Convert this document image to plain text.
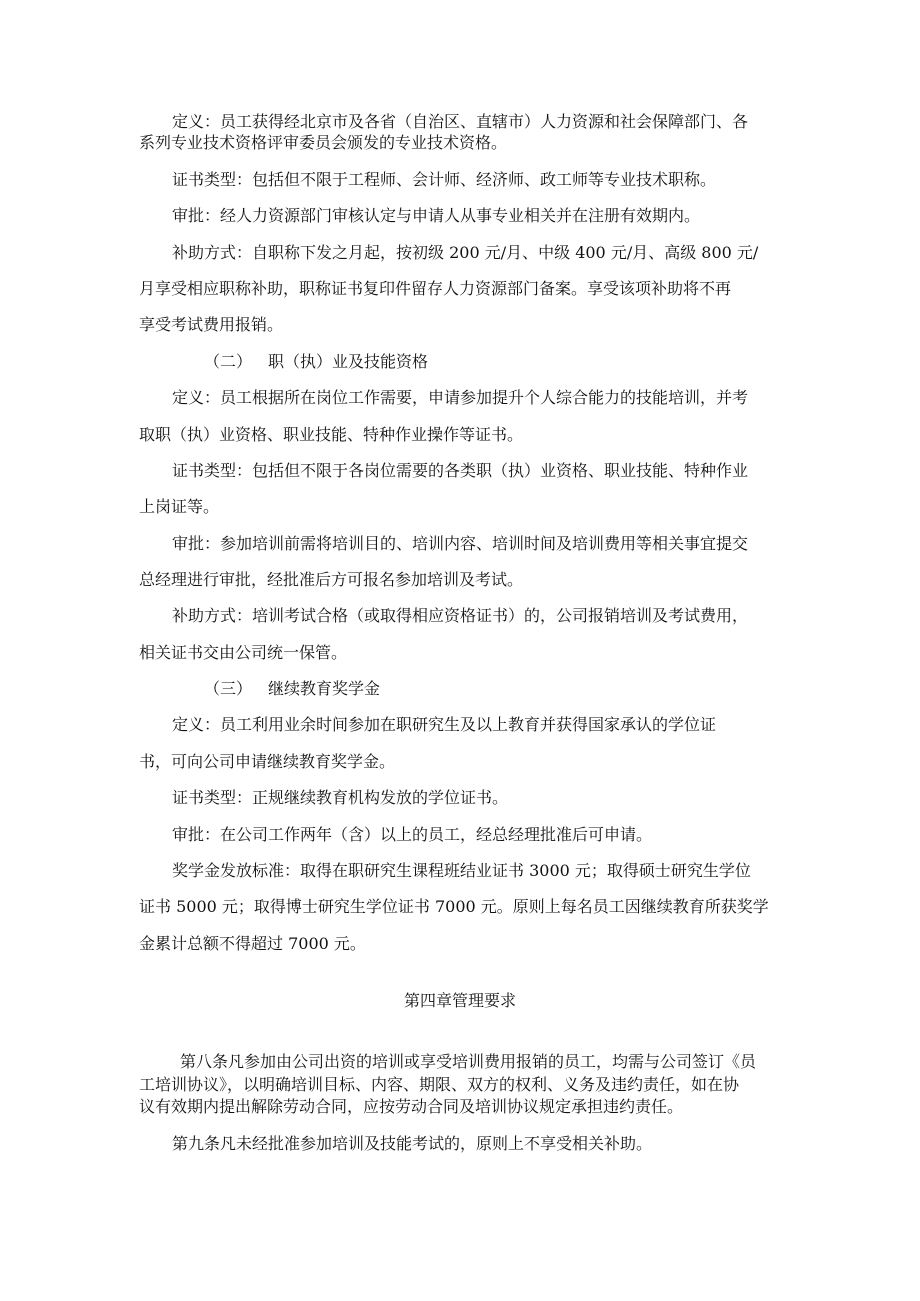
定义：员工获得经北京市及各省（自治区、直辖市）人力资源和社会保障部门、各

系列专业技术资格评审委员会颁发的专业技术资格。

证书类型：包括但不限于工程师、会计师、经济师、政工师等专业技术职称。

审批：经人力资源部门审核认定与申请人从事专业相关并在注册有效期内。

补助方式：自职称下发之月起，按初级 200 元/月、中级 400 元/月、高级 800 元/

月享受相应职称补助，职称证书复印件留存人力资源部门备案。享受该项补助将不再

享受考试费用报销。

（二） 职（执）业及技能资格

定义：员工根据所在岗位工作需要，申请参加提升个人综合能力的技能培训，并考

取职（执）业资格、职业技能、特种作业操作等证书。

证书类型：包括但不限于各岗位需要的各类职（执）业资格、职业技能、特种作业

上岗证等。

审批：参加培训前需将培训目的、培训内容、培训时间及培训费用等相关事宜提交

总经理进行审批，经批准后方可报名参加培训及考试。

补助方式：培训考试合格（或取得相应资格证书）的，公司报销培训及考试费用，

相关证书交由公司统一保管。

（三） 继续教育奖学金

定义：员工利用业余时间参加在职研究生及以上教育并获得国家承认的学位证

书，可向公司申请继续教育奖学金。

证书类型：正规继续教育机构发放的学位证书。

审批：在公司工作两年（含）以上的员工，经总经理批准后可申请。

奖学金发放标准：取得在职研究生课程班结业证书 3000 元；取得硕士研究生学位

证书 5000 元；取得博士研究生学位证书 7000 元。原则上每名员工因继续教育所获奖学

金累计总额不得超过 7000 元。

第四章管理要求

第八条凡参加由公司出资的培训或享受培训费用报销的员工，均需与公司签订《员

工培训协议》，以明确培训目标、内容、期限、双方的权利、义务及违约责任，如在协

议有效期内提出解除劳动合同，应按劳动合同及培训协议规定承担违约责任。

第九条凡未经批准参加培训及技能考试的，原则上不享受相关补助。
